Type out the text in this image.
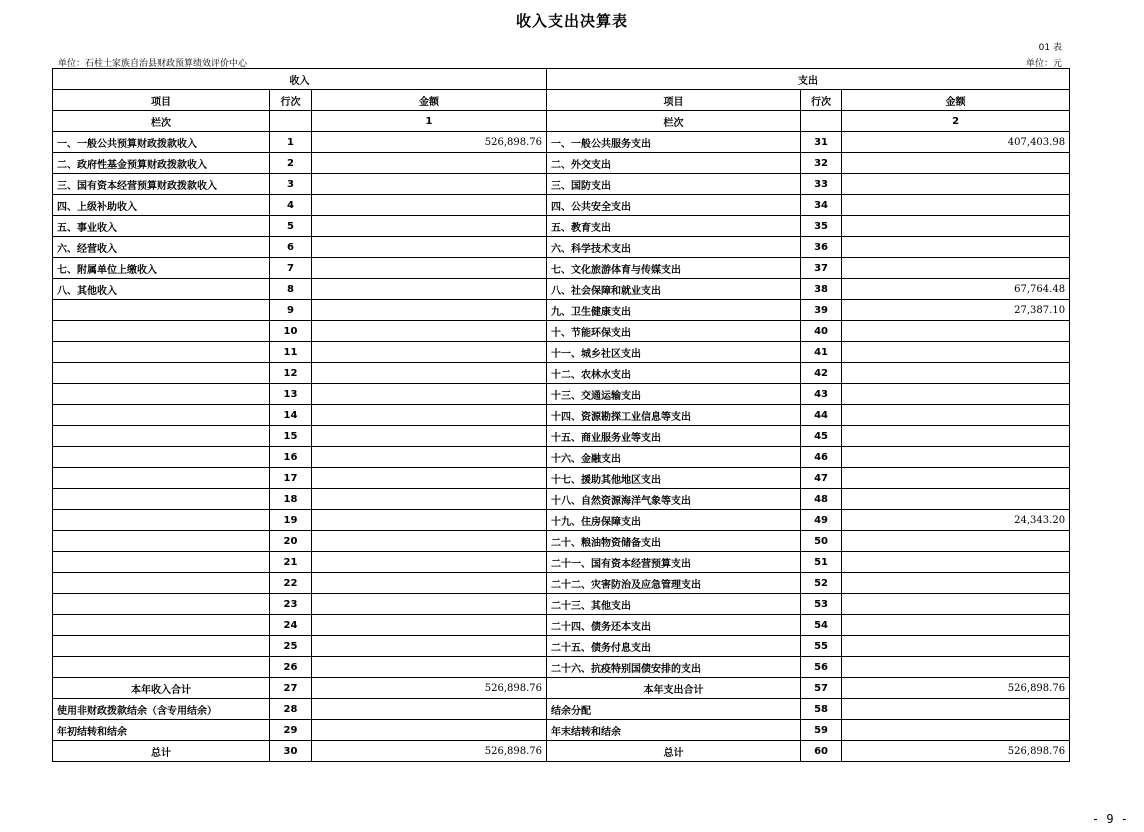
收入支出决算表
01 表
单位：石柱土家族自治县财政预算绩效评价中心	单位：元
收入			支出		
项目	行次	金额	项目	行次	金额
栏次		1	栏次		2
一、一般公共预算财政拨款收入	1	526,898.76	一、一般公共服务支出	31	407,403.98
二、政府性基金预算财政拨款收入	2		二、外交支出	32	
三、国有资本经营预算财政拨款收入	3		三、国防支出	33	
四、上级补助收入	4		四、公共安全支出	34	
五、事业收入	5		五、教育支出	35	
六、经营收入	6		六、科学技术支出	36	
七、附属单位上缴收入	7		七、文化旅游体育与传媒支出	37	
八、其他收入	8		八、社会保障和就业支出	38	67,764.48
	9		九、卫生健康支出	39	27,387.10
	10		十、节能环保支出	40	
	11		十一、城乡社区支出	41	
	12		十二、农林水支出	42	
	13		十三、交通运输支出	43	
	14		十四、资源勘探工业信息等支出	44	
	15		十五、商业服务业等支出	45	
	16		十六、金融支出	46	
	17		十七、援助其他地区支出	47	
	18		十八、自然资源海洋气象等支出	48	
	19		十九、住房保障支出	49	24,343.20
	20		二十、粮油物资储备支出	50	
	21		二十一、国有资本经营预算支出	51	
	22		二十二、灾害防治及应急管理支出	52	
	23		二十三、其他支出	53	
	24		二十四、债务还本支出	54	
	25		二十五、债务付息支出	55	
	26		二十六、抗疫特别国债安排的支出	56	
本年收入合计	27	526,898.76	本年支出合计	57	526,898.76
使用非财政拨款结余（含专用结余）	28		结余分配	58	
年初结转和结余	29		年末结转和结余	59	
总计	30	526,898.76	总计	60	526,898.76
- 9 -
